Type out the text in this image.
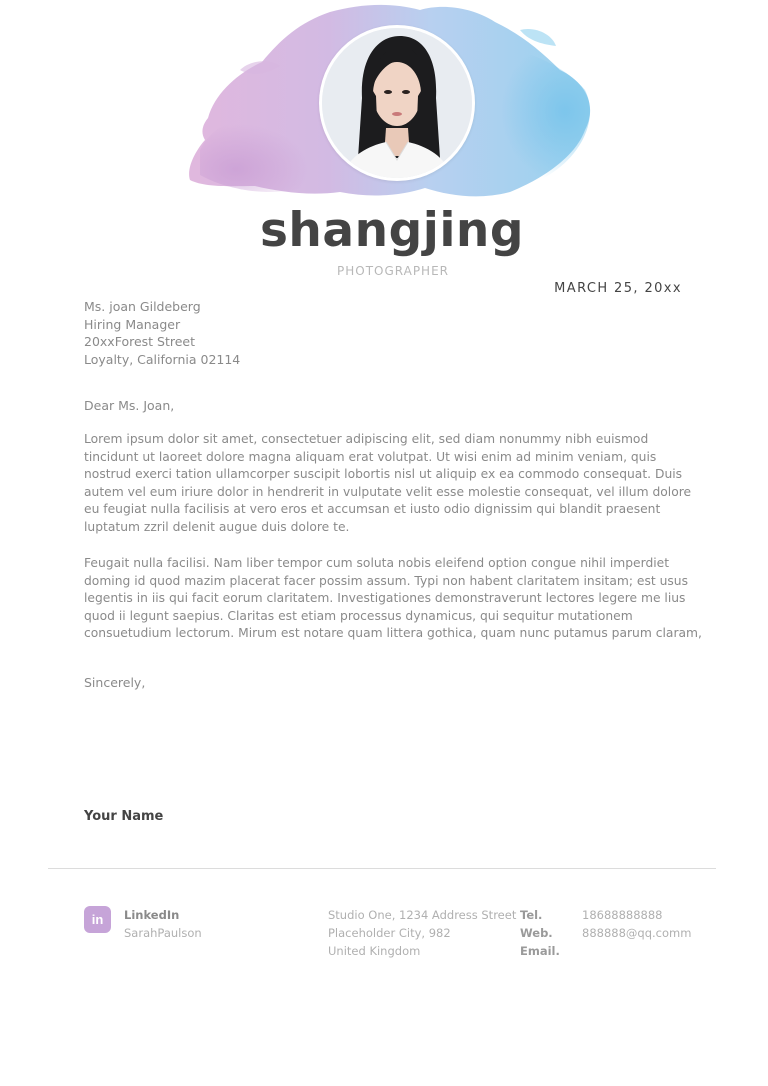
shangjing
PHOTOGRAPHER
MARCH 25, 20xx
Ms. joan Gildeberg
Hiring Manager
20xxForest Street
Loyalty, California 02114
Dear Ms. Joan,
Lorem ipsum dolor sit amet, consectetuer adipiscing elit, sed diam nonummy nibh euismod tincidunt ut laoreet dolore magna aliquam erat volutpat. Ut wisi enim ad minim veniam, quis nostrud exerci tation ullamcorper suscipit lobortis nisl ut aliquip ex ea commodo consequat. Duis autem vel eum iriure dolor in hendrerit in vulputate velit esse molestie consequat, vel illum dolore eu feugiat nulla facilisis at vero eros et accumsan et iusto odio dignissim qui blandit praesent luptatum zzril delenit augue duis dolore te.
Feugait nulla facilisi. Nam liber tempor cum soluta nobis eleifend option congue nihil imperdiet doming id quod mazim placerat facer possim assum. Typi non habent claritatem insitam; est usus legentis in iis qui facit eorum claritatem. Investigationes demonstraverunt lectores legere me lius quod ii legunt saepius. Claritas est etiam processus dynamicus, qui sequitur mutationem consuetudium lectorum. Mirum est notare quam littera gothica, quam nunc putamus parum claram,
Sincerely,
Your Name
in	LinkedIn
SarahPaulson
Studio One, 1234 Address Street
Placeholder City, 982
United Kingdom
Tel.
Web.
Email.
18688888888
888888@qq.comm
